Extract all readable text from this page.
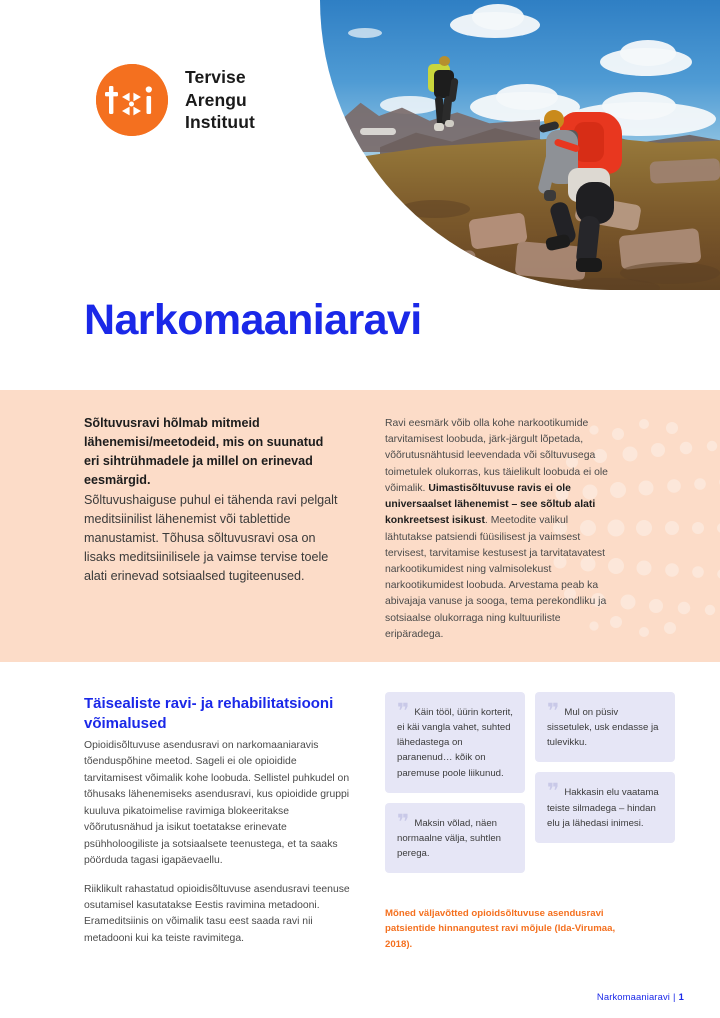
Tervise
Arengu
Instituut
Narkomaaniaravi
Sõltuvusravi hõlmab mitmeid lähenemisi/meetodeid, mis on suunatud eri sihtrühmadele ja millel on erinevad eesmärgid.
Sõltuvushaiguse puhul ei tähenda ravi pelgalt meditsiinilist lähenemist või tablettide manustamist. Tõhusa sõltuvusravi osa on lisaks meditsiinilisele ja vaimse tervise toele alati erinevad sotsiaalsed tugiteenused.
Ravi eesmärk võib olla kohe narkootikumide tarvitamisest loobuda, järk-järgult lõpetada, võõrutusnähtusid leevendada või sõltuvusega toimetulek olukorras, kus täielikult loobuda ei ole võimalik. Uimastisõltuvuse ravis ei ole universaalset lähenemist – see sõltub alati konkreetsest isikust. Meetodite valikul lähtutakse patsiendi füüsilisest ja vaimsest tervisest, tarvitamise kestusest ja tarvitatavatest narkootikumidest ning valmisolekust narkootikumidest loobuda. Arvestama peab ka abivajaja vanuse ja sooga, tema perekondliku ja sotsiaalse olukorraga ning kultuuriliste eripäradega.
Täisealiste ravi- ja rehabilitatsiooni võimalused

Opioidisõltuvuse asendusravi on narkomaaniaravis tõenduspõhine meetod. Sageli ei ole opioidide tarvitamisest võimalik kohe loobuda. Sellistel puhkudel on tõhusaks lähenemiseks asendusravi, kus opioidide gruppi kuuluva pikatoimelise ravimiga blokeeritakse võõrutusnähud ja isikut toetatakse erinevate psühholoogiliste ja sotsiaalsete teenustega, et ta saaks pöörduda tagasi igapäevaellu.

Riiklikult rahastatud opioidisõltuvuse asendusravi teenuse osutamisel kasutatakse Eestis ravimina metadooni. Erameditsiinis on võimalik tasu eest saada ravi nii metadooni kui ka teiste ravimitega.

❞ Käin tööl, üürin korterit, ei käi vangla vahet, suhted lähedastega on paranenud… kõik on paremuse poole liikunud.
❞ Maksin võlad, näen normaalne välja, suhtlen perega.
❞ Mul on püsiv sissetulek, usk endasse ja tulevikku.
❞ Hakkasin elu vaatama teiste silmadega – hindan elu ja lähedasi inimesi.
Mõned väljavõtted opioidsõltuvuse asendusravi patsientide hinnangutest ravi mõjule (Ida-Virumaa, 2018).
Narkomaaniaravi | 1
